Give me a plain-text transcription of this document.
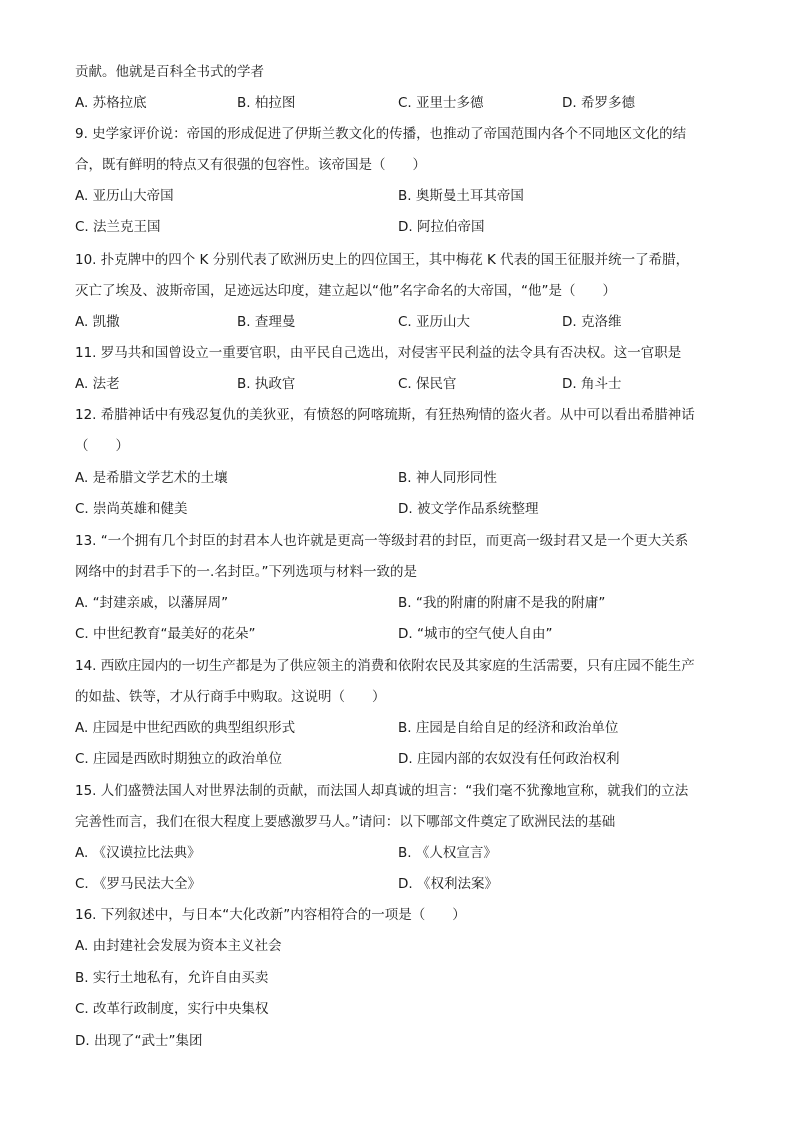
贡献。他就是百科全书式的学者
A. 苏格拉底	B. 柏拉图	C. 亚里士多德	D. 希罗多德
9. 史学家评价说：帝国的形成促进了伊斯兰教文化的传播，也推动了帝国范围内各个不同地区文化的结
合，既有鲜明的特点又有很强的包容性。该帝国是（　　）
A. 亚历山大帝国	B. 奥斯曼土耳其帝国
C. 法兰克王国	D. 阿拉伯帝国
10. 扑克牌中的四个 K 分别代表了欧洲历史上的四位国王，其中梅花 K 代表的国王征服并统一了希腊，
灭亡了埃及、波斯帝国，足迹远达印度，建立起以“他”名字命名的大帝国，“他”是（　　）
A. 凯撒	B. 查理曼	C. 亚历山大	D. 克洛维
11. 罗马共和国曾设立一重要官职，由平民自己选出，对侵害平民利益的法令具有否决权。这一官职是
A. 法老	B. 执政官	C. 保民官	D. 角斗士
12. 希腊神话中有残忍复仇的美狄亚，有愤怒的阿喀琉斯，有狂热殉情的盗火者。从中可以看出希腊神话
（　　）
A. 是希腊文学艺术的土壤	B. 神人同形同性
C. 崇尚英雄和健美	D. 被文学作品系统整理
13. “一个拥有几个封臣的封君本人也许就是更高一等级封君的封臣，而更高一级封君又是一个更大关系
网络中的封君手下的一.名封臣。”下列选项与材料一致的是
A. “封建亲戚，以藩屏周”	B. “我的附庸的附庸不是我的附庸”
C. 中世纪教育“最美好的花朵”	D. “城市的空气使人自由”
14. 西欧庄园内的一切生产都是为了供应领主的消费和依附农民及其家庭的生活需要，只有庄园不能生产
的如盐、铁等，才从行商手中购取。这说明（　　）
A. 庄园是中世纪西欧的典型组织形式	B. 庄园是自给自足的经济和政治单位
C. 庄园是西欧时期独立的政治单位	D. 庄园内部的农奴没有任何政治权利
15. 人们盛赞法国人对世界法制的贡献，而法国人却真诚的坦言：“我们毫不犹豫地宣称，就我们的立法
完善性而言，我们在很大程度上要感激罗马人。”请问：以下哪部文件奠定了欧洲民法的基础
A. 《汉谟拉比法典》	B. 《人权宣言》
C. 《罗马民法大全》	D. 《权利法案》
16. 下列叙述中，与日本“大化改新”内容相符合的一项是（　　）
A. 由封建社会发展为资本主义社会
B. 实行土地私有，允许自由买卖
C. 改革行政制度，实行中央集权
D. 出现了“武士”集团
